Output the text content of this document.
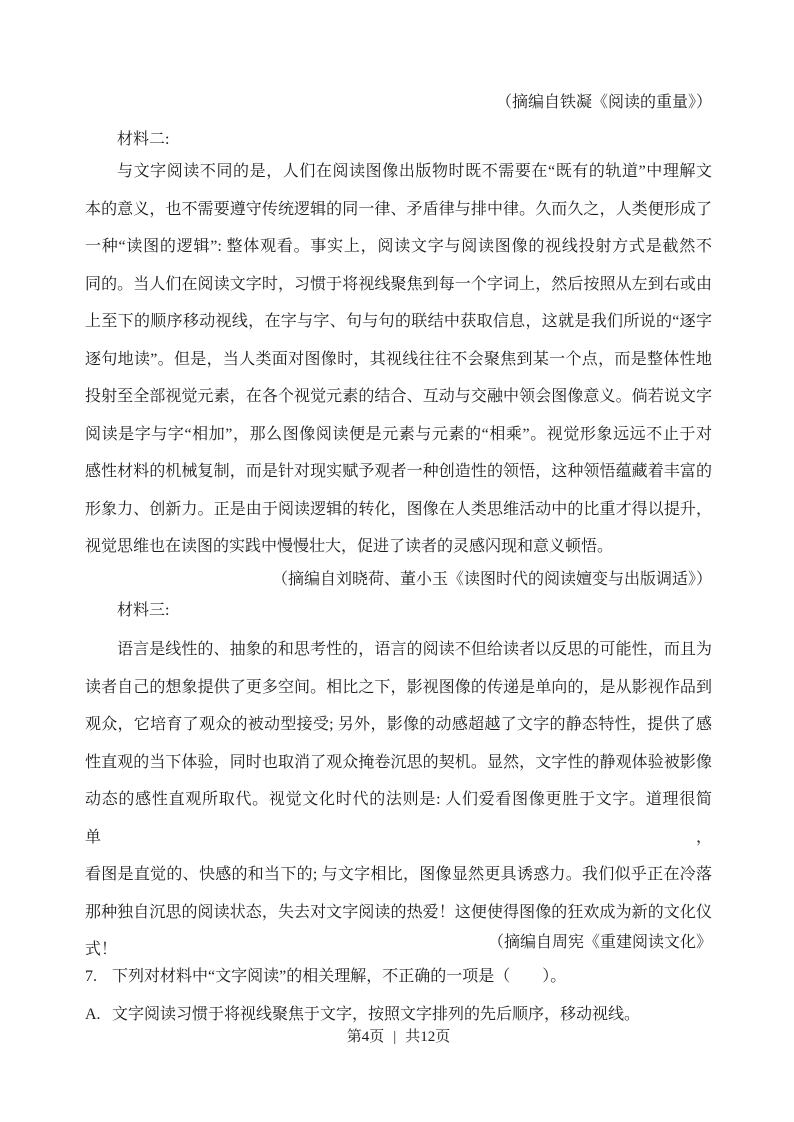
（摘编自铁凝《阅读的重量》）
材料二:
与文字阅读不同的是，人们在阅读图像出版物时既不需要在“既有的轨道”中理解文
本的意义，也不需要遵守传统逻辑的同一律、矛盾律与排中律。久而久之，人类便形成了
一种“读图的逻辑”: 整体观看。事实上，阅读文字与阅读图像的视线投射方式是截然不
同的。当人们在阅读文字时，习惯于将视线聚焦到每一个字词上，然后按照从左到右或由
上至下的顺序移动视线，在字与字、句与句的联结中获取信息，这就是我们所说的“逐字
逐句地读”。但是，当人类面对图像时，其视线往往不会聚焦到某一个点，而是整体性地
投射至全部视觉元素，在各个视觉元素的结合、互动与交融中领会图像意义。倘若说文字
阅读是字与字“相加”，那么图像阅读便是元素与元素的“相乘”。视觉形象远远不止于对
感性材料的机械复制，而是针对现实赋予观者一种创造性的领悟，这种领悟蕴藏着丰富的
形象力、创新力。正是由于阅读逻辑的转化，图像在人类思维活动中的比重才得以提升，
视觉思维也在读图的实践中慢慢壮大，促进了读者的灵感闪现和意义顿悟。
（摘编自刘晓荷、董小玉《读图时代的阅读嬗变与出版调适》）
材料三:
语言是线性的、抽象的和思考性的，语言的阅读不但给读者以反思的可能性，而且为
读者自己的想象提供了更多空间。相比之下，影视图像的传递是单向的，是从影视作品到
观众，它培育了观众的被动型接受; 另外，影像的动感超越了文字的静态特性，提供了感
性直观的当下体验，同时也取消了观众掩卷沉思的契机。显然，文字性的静观体验被影像
动态的感性直观所取代。视觉文化时代的法则是: 人们爱看图像更胜于文字。道理很简单，
看图是直觉的、快感的和当下的; 与文字相比，图像显然更具诱惑力。我们似乎正在冷落
那种独自沉思的阅读状态，失去对文字阅读的热爱！这便使得图像的狂欢成为新的文化仪
式！	（摘编自周宪《重建阅读文化》
7. 下列对材料中“文字阅读”的相关理解，不正确的一项是（　　）。
A. 文字阅读习惯于将视线聚焦于文字，按照文字排列的先后顺序，移动视线。
第4页 | 共12页
